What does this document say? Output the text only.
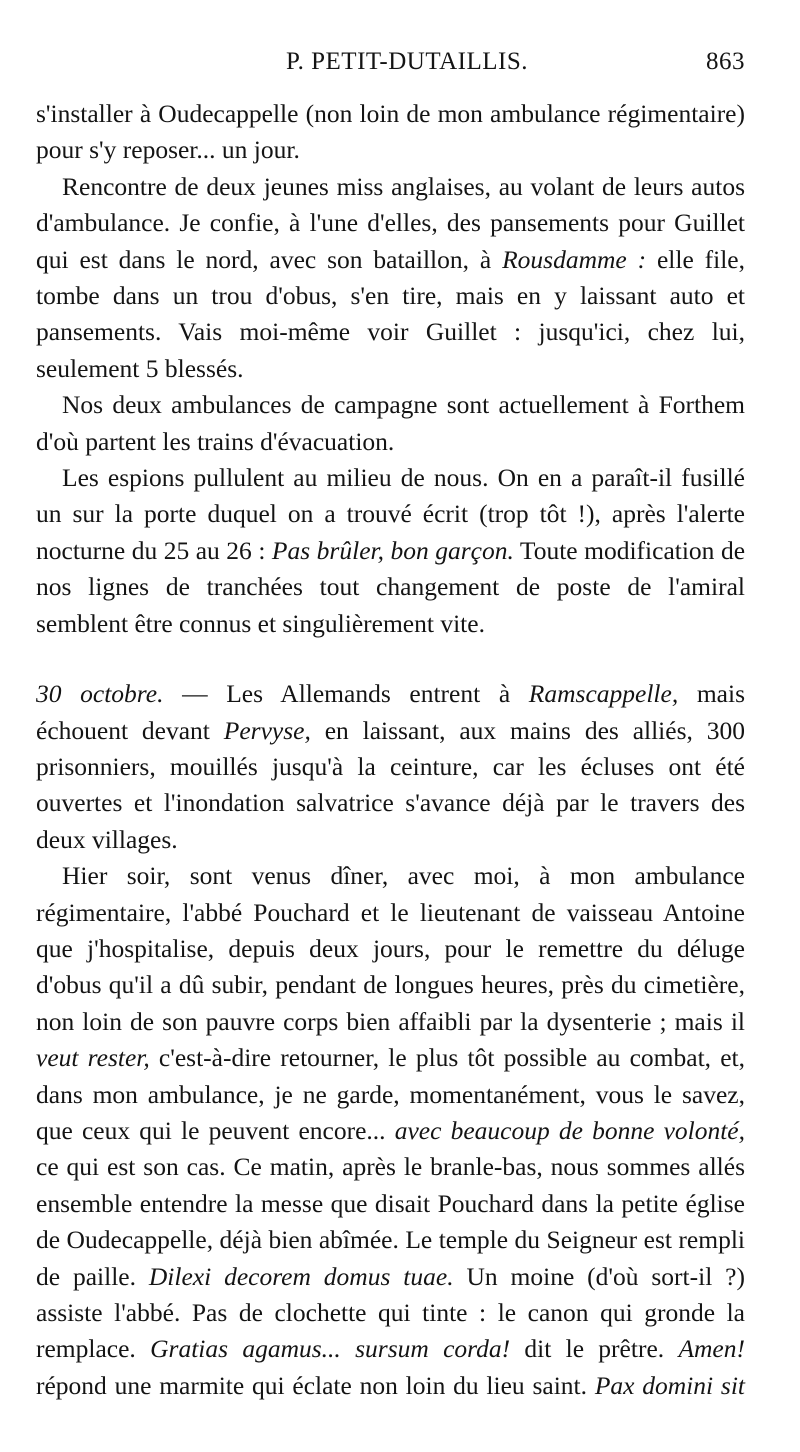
P. PETIT-DUTAILLIS.	863

s'installer à Oudecappelle (non loin de mon ambulance régimentaire) pour s'y reposer... un jour.

Rencontre de deux jeunes miss anglaises, au volant de leurs autos d'ambulance. Je confie, à l'une d'elles, des pansements pour Guillet qui est dans le nord, avec son bataillon, à Rousdamme : elle file, tombe dans un trou d'obus, s'en tire, mais en y laissant auto et pansements. Vais moi-même voir Guillet : jusqu'ici, chez lui, seulement 5 blessés.

Nos deux ambulances de campagne sont actuellement à Forthem d'où partent les trains d'évacuation.

Les espions pullulent au milieu de nous. On en a paraît-il fusillé un sur la porte duquel on a trouvé écrit (trop tôt !), après l'alerte nocturne du 25 au 26 : Pas brûler, bon garçon. Toute modification de nos lignes de tranchées tout changement de poste de l'amiral semblent être connus et singulièrement vite.

30 octobre. — Les Allemands entrent à Ramscappelle, mais échouent devant Pervyse, en laissant, aux mains des alliés, 300 prisonniers, mouillés jusqu'à la ceinture, car les écluses ont été ouvertes et l'inondation salvatrice s'avance déjà par le travers des deux villages.

Hier soir, sont venus dîner, avec moi, à mon ambulance régimentaire, l'abbé Pouchard et le lieutenant de vaisseau Antoine que j'hospitalise, depuis deux jours, pour le remettre du déluge d'obus qu'il a dû subir, pendant de longues heures, près du cimetière, non loin de son pauvre corps bien affaibli par la dysenterie ; mais il veut rester, c'est-à-dire retourner, le plus tôt possible au combat, et, dans mon ambulance, je ne garde, momentanément, vous le savez, que ceux qui le peuvent encore... avec beaucoup de bonne volonté, ce qui est son cas. Ce matin, après le branle-bas, nous sommes allés ensemble entendre la messe que disait Pouchard dans la petite église de Oudecappelle, déjà bien abîmée. Le temple du Seigneur est rempli de paille. Dilexi decorem domus tuae. Un moine (d'où sort-il ?) assiste l'abbé. Pas de clochette qui tinte : le canon qui gronde la remplace. Gratias agamus... sursum corda! dit le prêtre. Amen! répond une marmite qui éclate non loin du lieu saint. Pax domini sit
